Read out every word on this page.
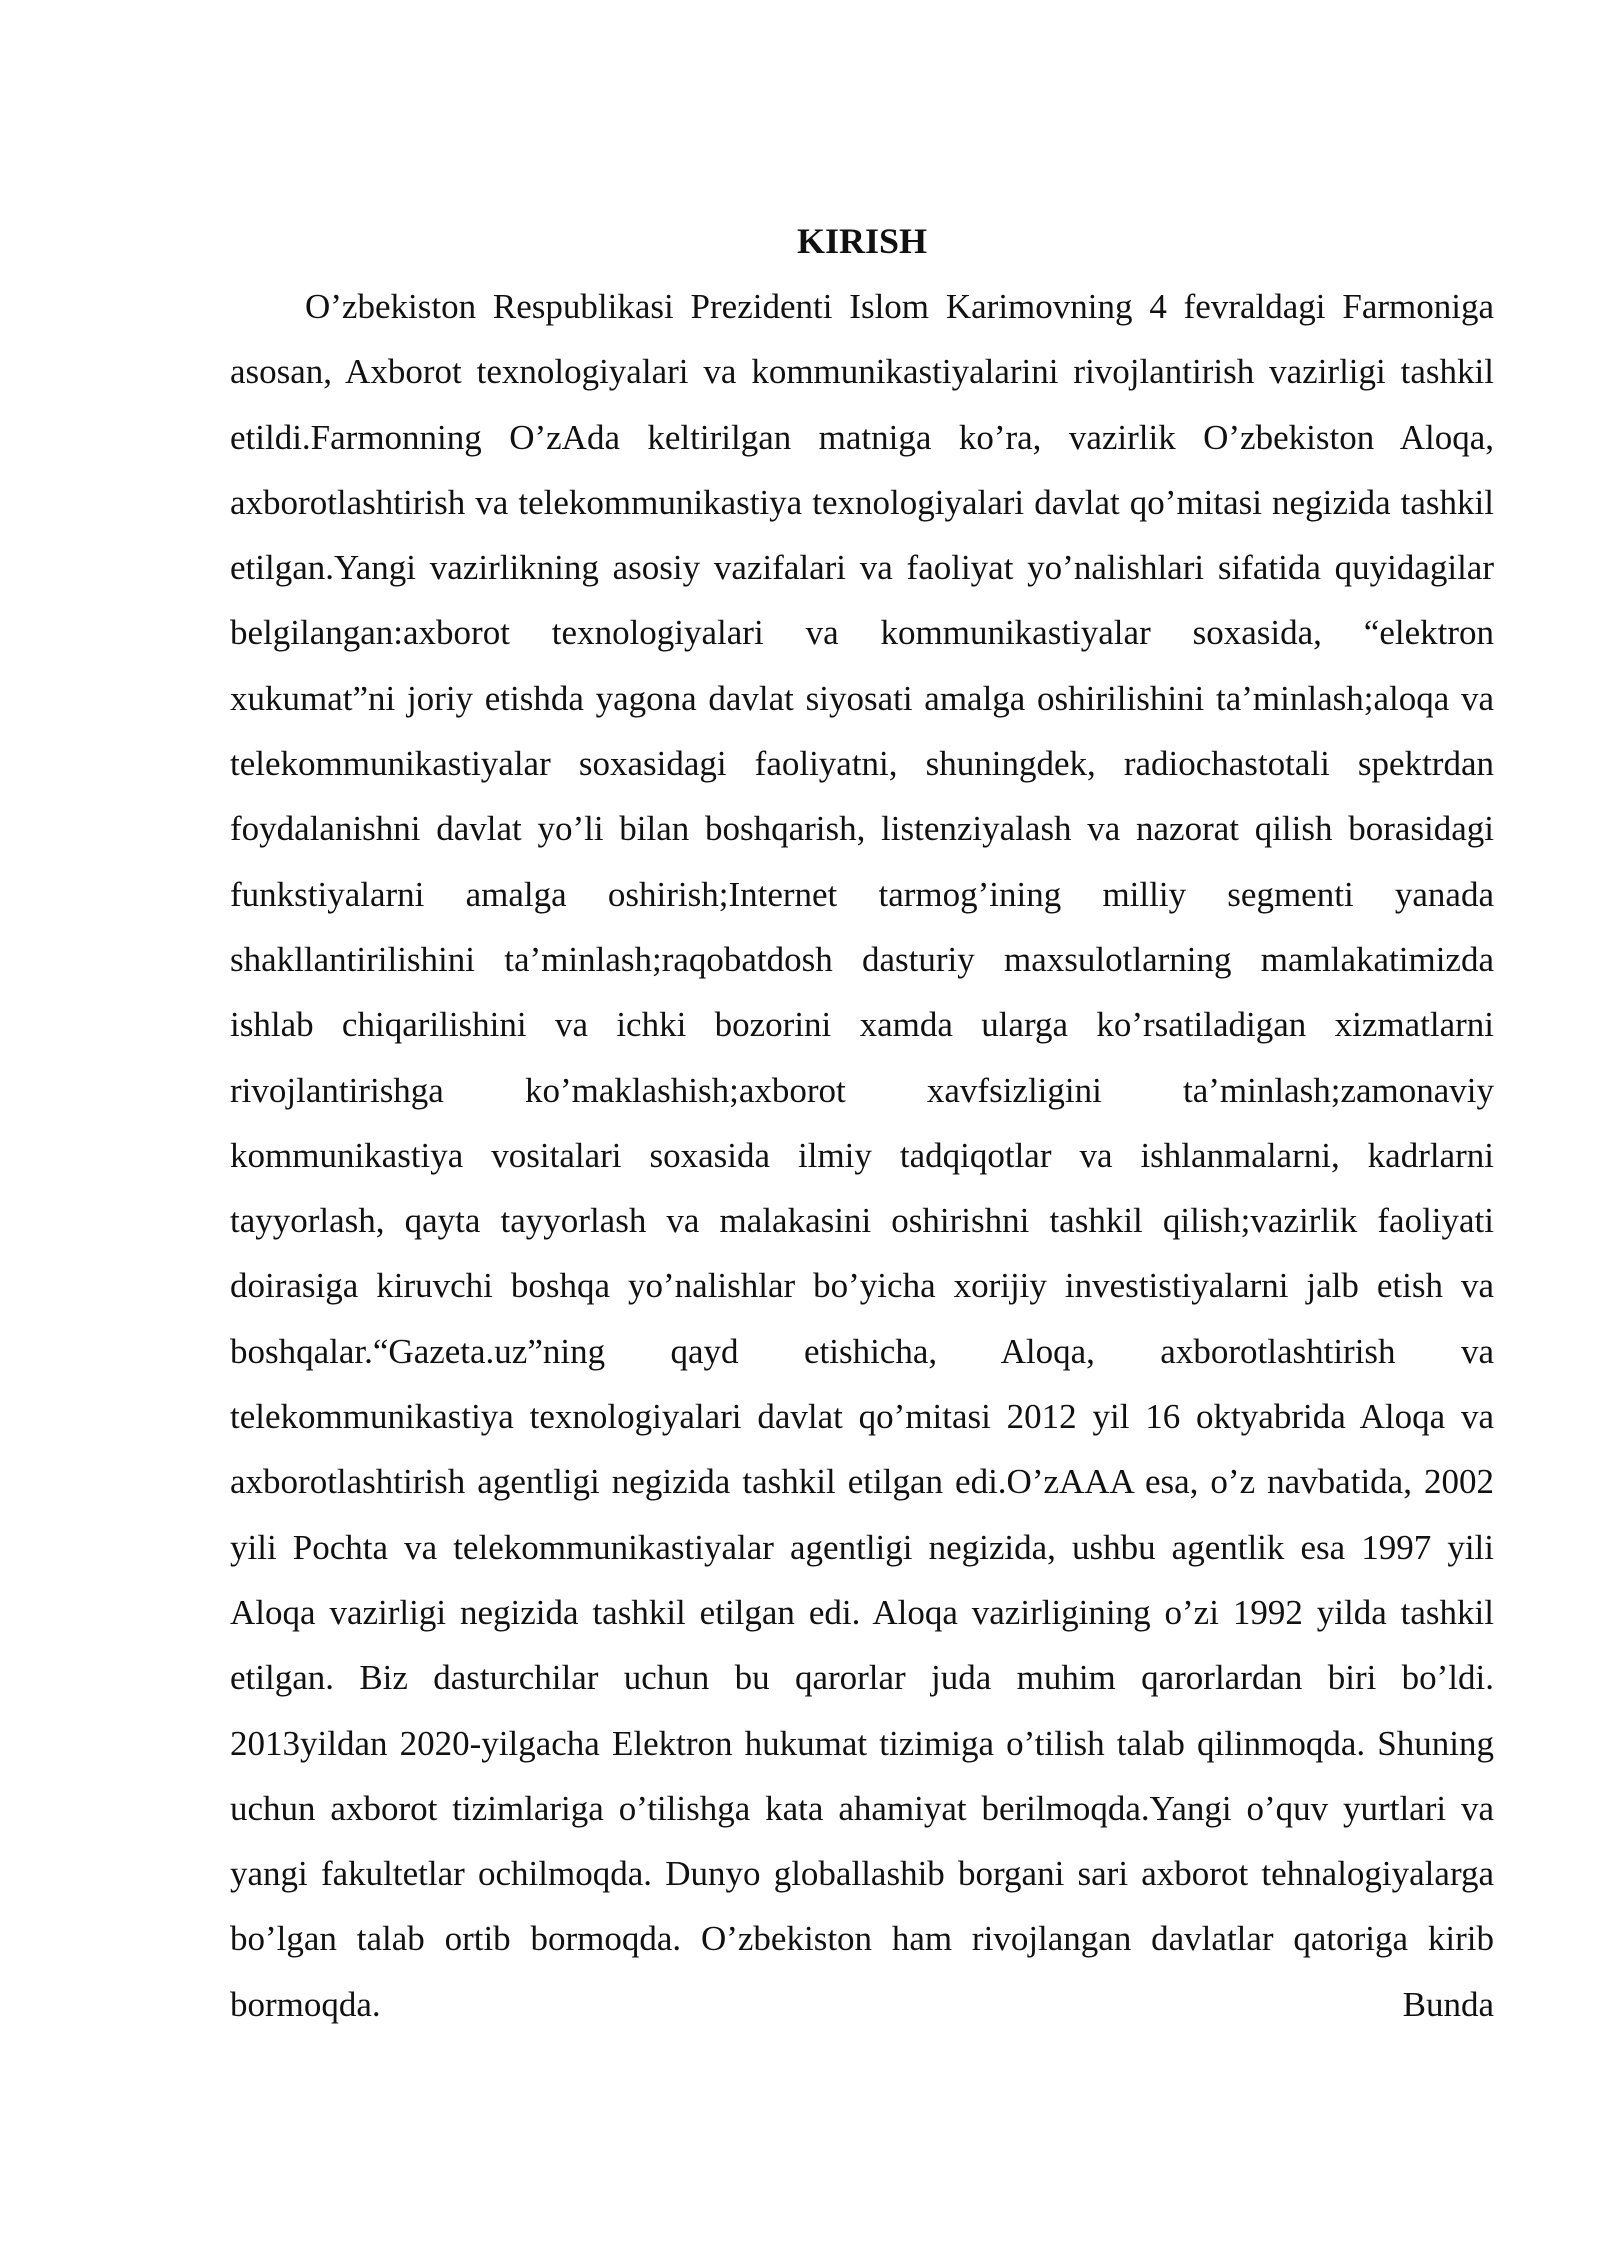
KIRISH

O’zbekiston Respublikasi Prezidenti Islom Karimovning 4 fevraldagi Farmoniga asosan, Axborot texnologiyalari va kommunikastiyalarini rivojlantirish vazirligi tashkil etildi.Farmonning O’zAda keltirilgan matniga ko’ra, vazirlik O’zbekiston Aloqa, axborotlashtirish va telekommunikastiya texnologiyalari davlat qo’mitasi negizida tashkil etilgan.Yangi vazirlikning asosiy vazifalari va faoliyat yo’nalishlari sifatida quyidagilar belgilangan:axborot texnologiyalari va kommunikastiyalar soxasida, “elektron xukumat”ni joriy etishda yagona davlat siyosati amalga oshirilishini ta’minlash;aloqa va telekommunikastiyalar soxasidagi faoliyatni, shuningdek, radiochastotali spektrdan foydalanishni davlat yo’li bilan boshqarish, listenziyalash va nazorat qilish borasidagi funkstiyalarni amalga oshirish;Internet tarmog’ining milliy segmenti yanada shakllantirilishini ta’minlash;raqobatdosh dasturiy maxsulotlarning mamlakatimizda ishlab chiqarilishini va ichki bozorini xamda ularga ko’rsatiladigan xizmatlarni rivojlantirishga ko’maklashish;axborot xavfsizligini ta’minlash;zamonaviy kommunikastiya vositalari soxasida ilmiy tadqiqotlar va ishlanmalarni, kadrlarni tayyorlash, qayta tayyorlash va malakasini oshirishni tashkil qilish;vazirlik faoliyati doirasiga kiruvchi boshqa yo’nalishlar bo’yicha xorijiy investistiyalarni jalb etish va boshqalar.“Gazeta.uz”ning qayd etishicha, Aloqa, axborotlashtirish va telekommunikastiya texnologiyalari davlat qo’mitasi 2012 yil 16 oktyabrida Aloqa va axborotlashtirish agentligi negizida tashkil etilgan edi.O’zAAA esa, o’z navbatida, 2002 yili Pochta va telekommunikastiyalar agentligi negizida, ushbu agentlik esa 1997 yili Aloqa vazirligi negizida tashkil etilgan edi. Aloqa vazirligining o’zi 1992 yilda tashkil etilgan. Biz dasturchilar uchun bu qarorlar juda muhim qarorlardan biri bo’ldi. 2013yildan 2020-yilgacha Elektron hukumat tizimiga o’tilish talab qilinmoqda. Shuning uchun axborot tizimlariga o’tilishga kata ahamiyat berilmoqda.Yangi o’quv yurtlari va yangi fakultetlar ochilmoqda. Dunyo globallashib borgani sari axborot tehnalogiyalarga bo’lgan talab ortib bormoqda. O’zbekiston ham rivojlangan davlatlar qatoriga kirib bormoqda. Bunda
